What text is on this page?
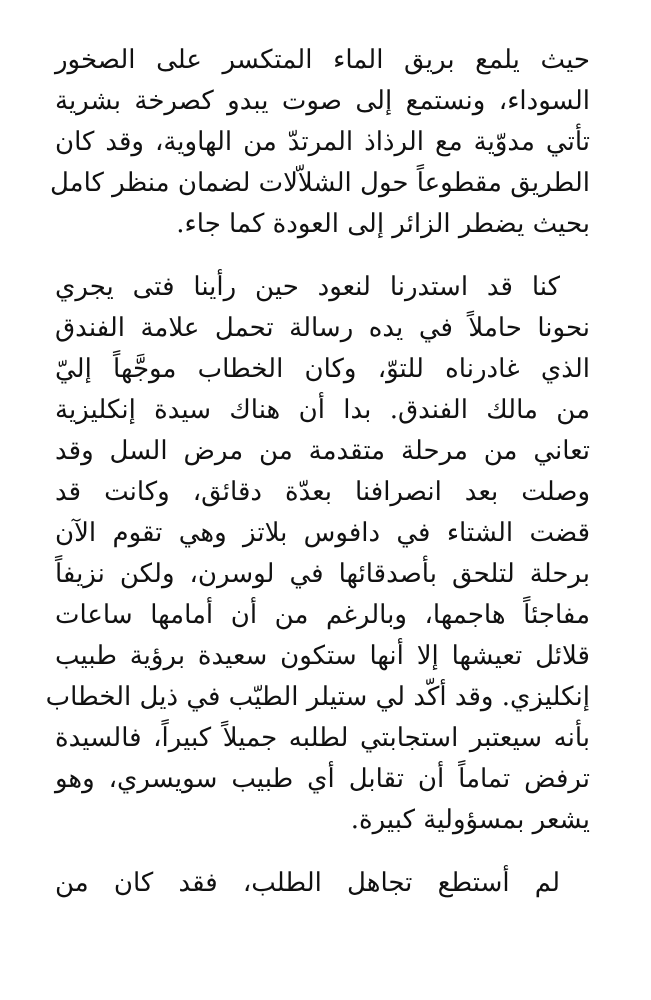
حيث يلمع بريق الماء المتكسر على الصخور
السوداء، ونستمع إلى صوت يبدو كصرخة بشرية
تأتي مدوّية مع الرذاذ المرتدّ من الهاوية، وقد كان
الطريق مقطوعاً حول الشلاّلات لضمان منظر كامل
بحيث يضطر الزائر إلى العودة كما جاء.

كنا قد استدرنا لنعود حين رأينا فتى يجري
نحونا حاملاً في يده رسالة تحمل علامة الفندق
الذي غادرناه للتوّ، وكان الخطاب موجَّهاً إليّ
من مالك الفندق. بدا أن هناك سيدة إنكليزية
تعاني من مرحلة متقدمة من مرض السل وقد
وصلت بعد انصرافنا بعدّة دقائق، وكانت قد
قضت الشتاء في دافوس بلاتز وهي تقوم الآن
برحلة لتلحق بأصدقائها في لوسرن، ولكن نزيفاً
مفاجئاً هاجمها، وبالرغم من أن أمامها ساعات
قلائل تعيشها إلا أنها ستكون سعيدة برؤية طبيب
إنكليزي. وقد أكّد لي ستيلر الطيّب في ذيل الخطاب
بأنه سيعتبر استجابتي لطلبه جميلاً كبيراً، فالسيدة
ترفض تماماً أن تقابل أي طبيب سويسري، وهو
يشعر بمسؤولية كبيرة.

لم أستطع تجاهل الطلب، فقد كان من
